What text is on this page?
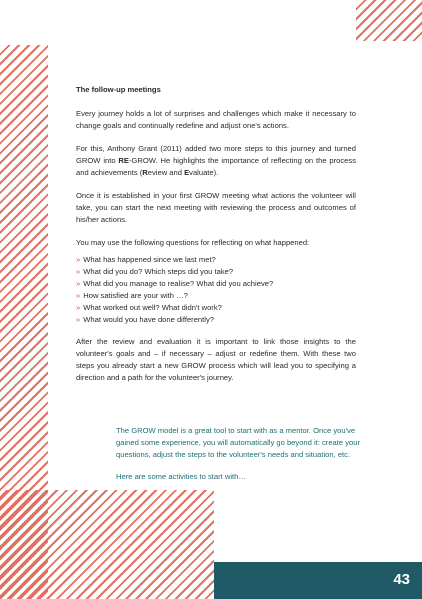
The follow-up meetings

Every journey holds a lot of surprises and challenges which make it necessary to change goals and continually redefine and adjust one's actions.

For this, Anthony Grant (2011) added two more steps to this journey and turned GROW into RE-GROW. He highlights the importance of reflecting on the process and achievements (Review and Evaluate).

Once it is established in your first GROW meeting what actions the volunteer will take, you can start the next meeting with reviewing the process and outcomes of his/her actions.

You may use the following questions for reflecting on what happened:

» What has happened since we last met?
» What did you do? Which steps did you take?
» What did you manage to realise? What did you achieve?
» How satisfied are your with …?
» What worked out well? What didn't work?
» What would you have done differently?

After the review and evaluation it is important to link those insights to the volunteer's goals and – if necessary – adjust or redefine them. With these two steps you already start a new GROW process which will lead you to specifying a direction and a path for the volunteer's journey.

The GROW model is a great tool to start with as a mentor. Once you've gained some experience, you will automatically go beyond it: create your questions, adjust the steps to the volunteer's needs and situation, etc.

Here are some activities to start with…

43
